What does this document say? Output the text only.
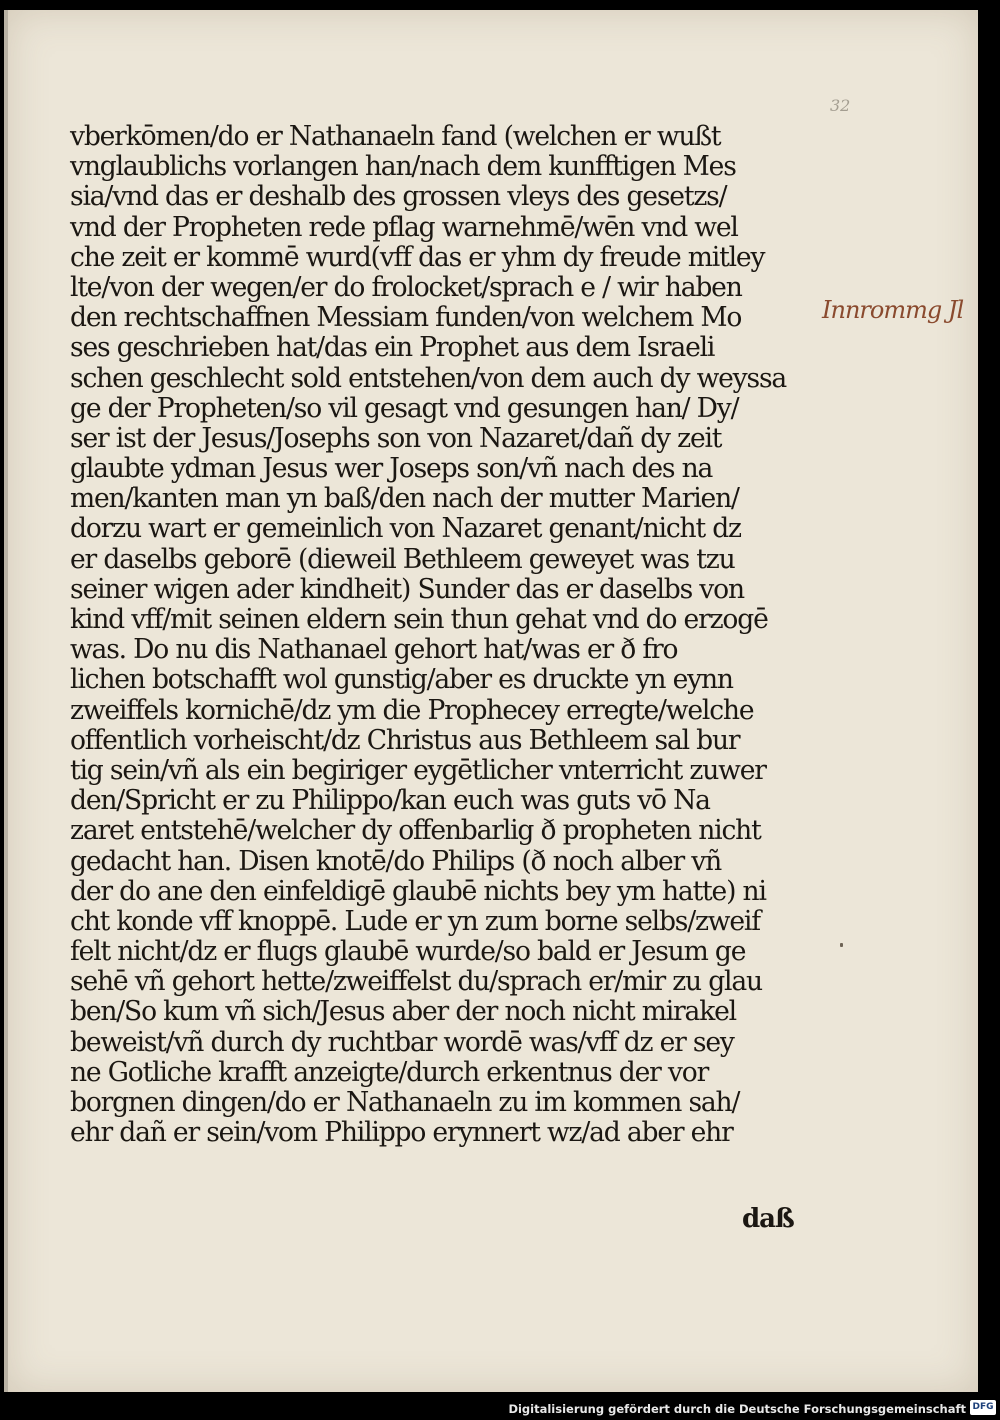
32
vberkōmen/do er Nathanaeln fand (welchen er wußt
vnglaublichs vorlangen han/nach dem kunfftigen Mes
sia/vnd das er deshalb des grossen vleys des gesetzs/
vnd der Propheten rede pflag warnehmē/wēn vnd wel
che zeit er kommē wurd(vff das er yhm dy freude mitley
lte/von der wegen/er do frolocket/sprach e / wir haben
den rechtschaffnen Messiam funden/von welchem Mo
ses geschrieben hat/das ein Prophet aus dem Israeli
schen geschlecht sold entstehen/von dem auch dy weyssa
ge der Propheten/so vil gesagt vnd gesungen han/ Dy/
ser ist der Jesus/Josephs son von Nazaret/dañ dy zeit
glaubte ydman Jesus wer Joseps son/vñ nach des na
men/kanten man yn baß/den nach der mutter Marien/
dorzu wart er gemeinlich von Nazaret genant/nicht dz
er daselbs geborē (dieweil Bethleem geweyet was tzu
seiner wigen ader kindheit) Sunder das er daselbs von
kind vff/mit seinen eldern sein thun gehat vnd do erzogē
was. Do nu dis Nathanael gehort hat/was er ð fro
lichen botschafft wol gunstig/aber es druckte yn eynn
zweiffels kornichē/dz ym die Prophecey erregte/welche
offentlich vorheischt/dz Christus aus Bethleem sal bur
tig sein/vñ als ein begiriger eygētlicher vnterricht zuwer
den/Spricht er zu Philippo/kan euch was guts vō Na
zaret entstehē/welcher dy offenbarlig ð propheten nicht
gedacht han. Disen knotē/do Philips (ð noch alber vñ
der do ane den einfeldigē glaubē nichts bey ym hatte) ni
cht konde vff knoppē. Lude er yn zum borne selbs/zweif
felt nicht/dz er flugs glaubē wurde/so bald er Jesum ge
sehē vñ gehort hette/zweiffelst du/sprach er/mir zu glau
ben/So kum vñ sich/Jesus aber der noch nicht mirakel
beweist/vñ durch dy ruchtbar wordē was/vff dz er sey
ne Gotliche krafft anzeigte/durch erkentnus der vor
borgnen dingen/do er Nathanaeln zu im kommen sah/
ehr dañ er sein/vom Philippo erynnert wz/ad aber ehr
daß
Innrommg Jl
Digitalisierung gefördert durch die Deutsche Forschungsgemeinschaft DFG
